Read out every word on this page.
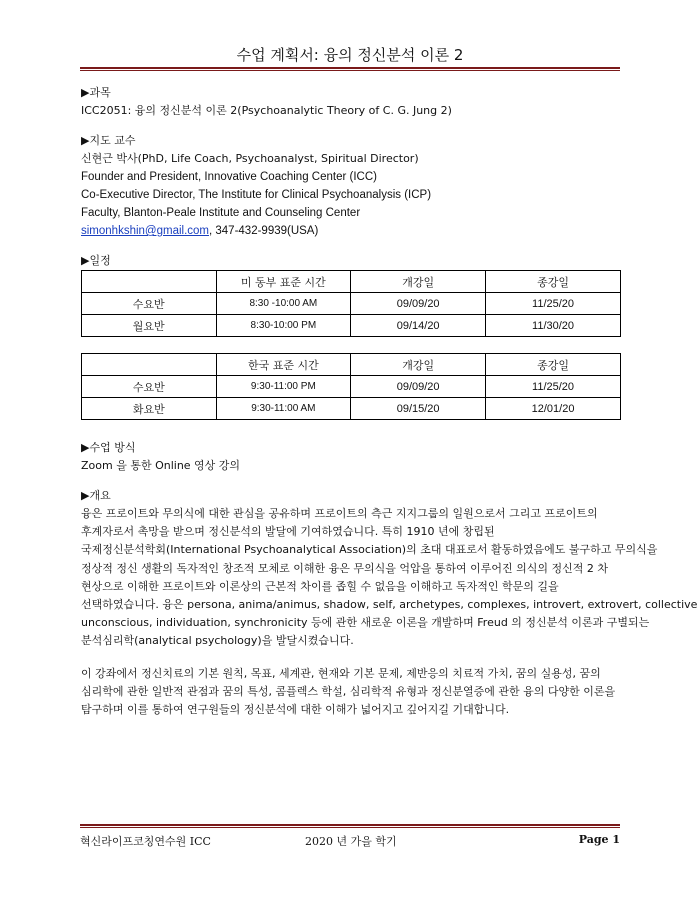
수업 계획서: 융의 정신분석 이론 2

▶과목

ICC2051: 융의 정신분석 이론 2(Psychoanalytic Theory of C. G. Jung 2)

▶지도 교수

신현근 박사(PhD, Life Coach, Psychoanalyst, Spiritual Director)

Founder and President, Innovative Coaching Center (ICC)

Co-Executive Director, The Institute for Clinical Psychoanalysis (ICP)

Faculty, Blanton-Peale Institute and Counseling Center

simonhkshin@gmail.com, 347-432-9939(USA)

▶일정

	미 동부 표준 시간	개강일	종강일
수요반	8:30 -10:00 AM	09/09/20	11/25/20
월요반	8:30-10:00 PM	09/14/20	11/30/20
	한국 표준 시간	개강일	종강일
수요반	9:30-11:00 PM	09/09/20	11/25/20
화요반	9:30-11:00 AM	09/15/20	12/01/20

▶수업 방식

Zoom 을 통한 Online 영상 강의

▶개요

융은 프로이트와 무의식에 대한 관심을 공유하며 프로이트의 측근 지지그룹의 일원으로서 그리고 프로이트의
후계자로서 촉망을 받으며 정신분석의 발달에 기여하였습니다. 특히 1910 년에 창립된
국제정신분석학회(International Psychoanalytical Association)의 초대 대표로서 활동하였음에도 불구하고 무의식을
정상적 정신 생활의 독자적인 창조적 모체로 이해한 융은 무의식을 억압을 통하여 이루어진 의식의 정신적 2 차
현상으로 이해한 프로이트와 이론상의 근본적 차이를 좁힐 수 없음을 이해하고 독자적인 학문의 길을
선택하였습니다. 융은 persona, anima/animus, shadow, self, archetypes, complexes, introvert, extrovert, collective
unconscious, individuation, synchronicity 등에 관한 새로운 이론을 개발하며 Freud 의 정신분석 이론과 구별되는
분석심리학(analytical psychology)을 발달시켰습니다.
이 강좌에서 정신치료의 기본 원칙, 목표, 세계관, 현재와 기본 문제, 제반응의 치료적 가치, 꿈의 실용성, 꿈의
심리학에 관한 일반적 관점과 꿈의 특성, 콤플렉스 학설, 심리학적 유형과 정신분열증에 관한 융의 다양한 이론을
탐구하며 이를 통하여 연구원들의 정신분석에 대한 이해가 넓어지고 깊어지길 기대합니다.
혁신라이프코칭연수원 ICC	2020 년 가을 학기	Page 1
